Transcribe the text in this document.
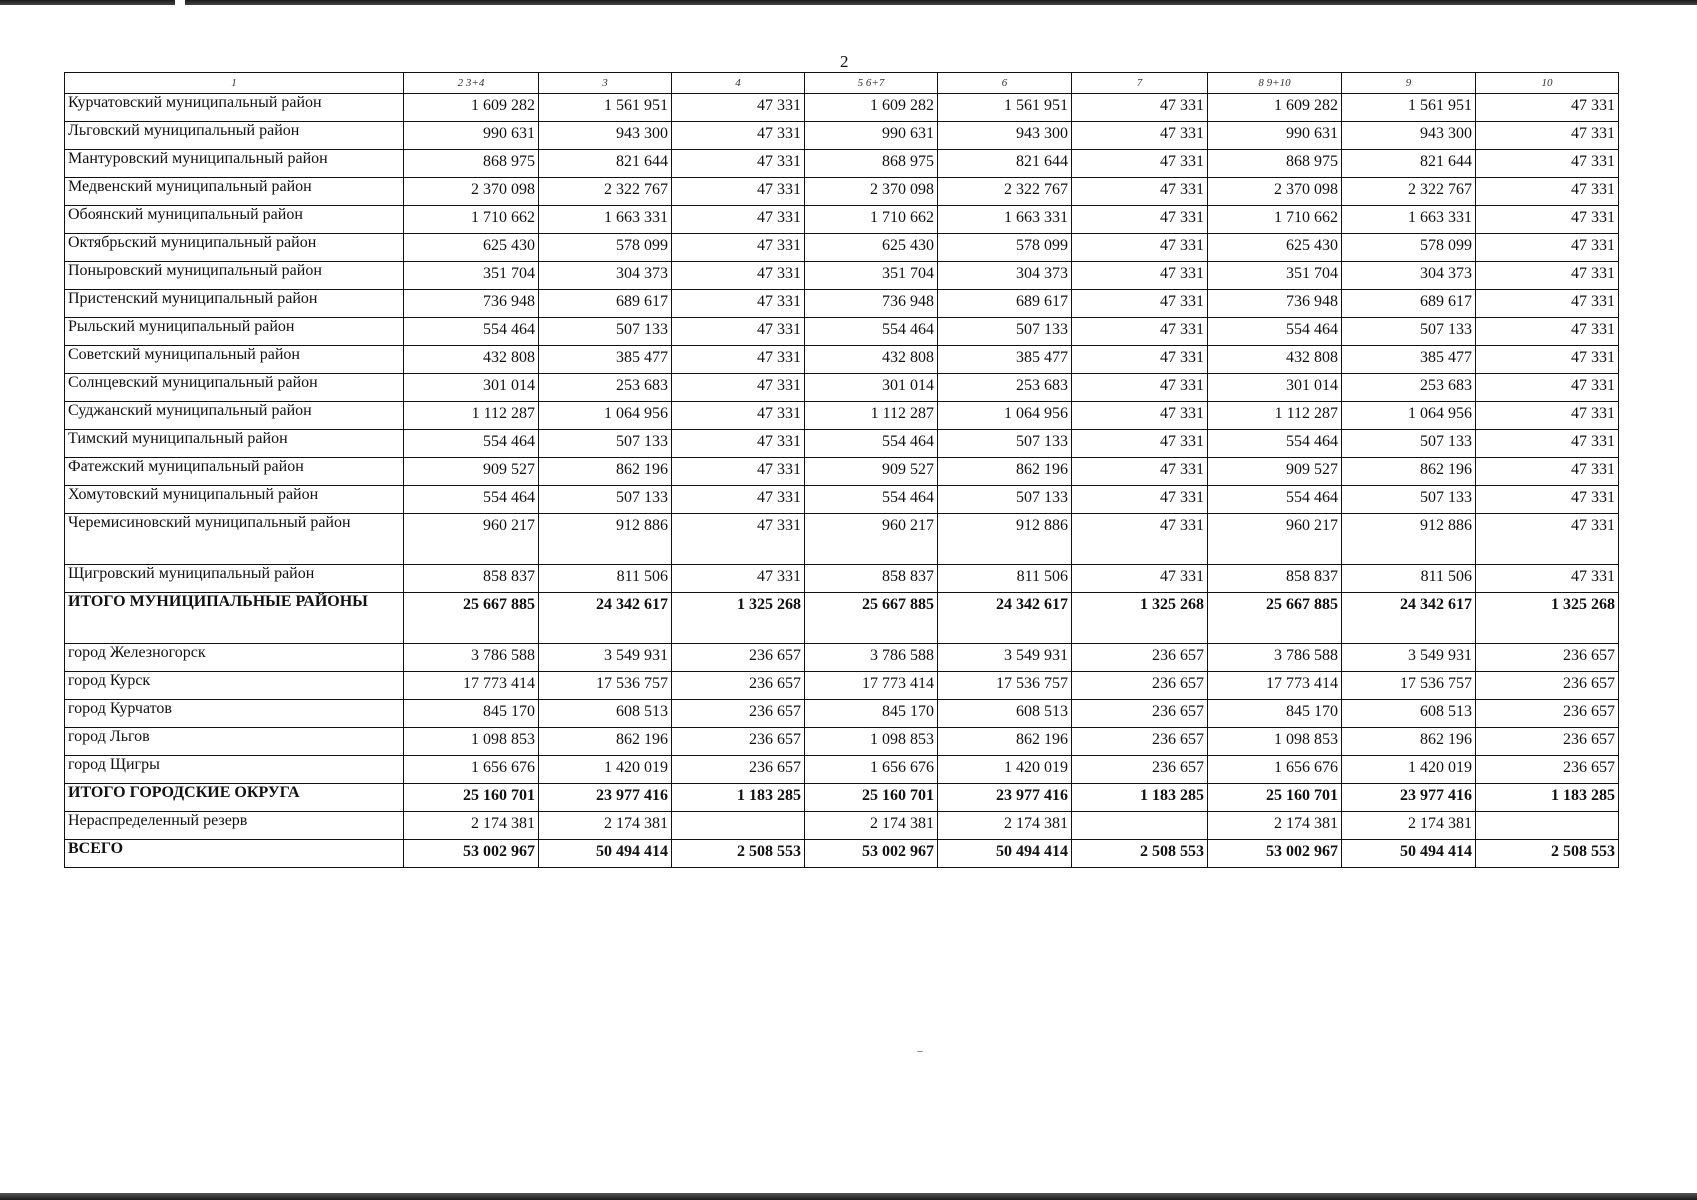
2
1	2 3+4	3	4	5 6+7	6	7	8 9+10	9	10
Курчатовский муниципальный район	1 609 282	1 561 951	47 331	1 609 282	1 561 951	47 331	1 609 282	1 561 951	47 331
Льговский муниципальный район	990 631	943 300	47 331	990 631	943 300	47 331	990 631	943 300	47 331
Мантуровский муниципальный район	868 975	821 644	47 331	868 975	821 644	47 331	868 975	821 644	47 331
Медвенский муниципальный район	2 370 098	2 322 767	47 331	2 370 098	2 322 767	47 331	2 370 098	2 322 767	47 331
Обоянский муниципальный район	1 710 662	1 663 331	47 331	1 710 662	1 663 331	47 331	1 710 662	1 663 331	47 331
Октябрьский муниципальный район	625 430	578 099	47 331	625 430	578 099	47 331	625 430	578 099	47 331
Поныровский муниципальный район	351 704	304 373	47 331	351 704	304 373	47 331	351 704	304 373	47 331
Пристенский муниципальный район	736 948	689 617	47 331	736 948	689 617	47 331	736 948	689 617	47 331
Рыльский муниципальный район	554 464	507 133	47 331	554 464	507 133	47 331	554 464	507 133	47 331
Советский муниципальный район	432 808	385 477	47 331	432 808	385 477	47 331	432 808	385 477	47 331
Солнцевский муниципальный район	301 014	253 683	47 331	301 014	253 683	47 331	301 014	253 683	47 331
Суджанский муниципальный район	1 112 287	1 064 956	47 331	1 112 287	1 064 956	47 331	1 112 287	1 064 956	47 331
Тимский муниципальный район	554 464	507 133	47 331	554 464	507 133	47 331	554 464	507 133	47 331
Фатежский муниципальный район	909 527	862 196	47 331	909 527	862 196	47 331	909 527	862 196	47 331
Хомутовский муниципальный район	554 464	507 133	47 331	554 464	507 133	47 331	554 464	507 133	47 331
Черемисиновский муниципальный район	960 217	912 886	47 331	960 217	912 886	47 331	960 217	912 886	47 331
Щигровский муниципальный район	858 837	811 506	47 331	858 837	811 506	47 331	858 837	811 506	47 331
ИТОГО МУНИЦИПАЛЬНЫЕ РАЙОНЫ	25 667 885	24 342 617	1 325 268	25 667 885	24 342 617	1 325 268	25 667 885	24 342 617	1 325 268
город Железногорск	3 786 588	3 549 931	236 657	3 786 588	3 549 931	236 657	3 786 588	3 549 931	236 657
город Курск	17 773 414	17 536 757	236 657	17 773 414	17 536 757	236 657	17 773 414	17 536 757	236 657
город Курчатов	845 170	608 513	236 657	845 170	608 513	236 657	845 170	608 513	236 657
город Льгов	1 098 853	862 196	236 657	1 098 853	862 196	236 657	1 098 853	862 196	236 657
город Щигры	1 656 676	1 420 019	236 657	1 656 676	1 420 019	236 657	1 656 676	1 420 019	236 657
ИТОГО ГОРОДСКИЕ ОКРУГА	25 160 701	23 977 416	1 183 285	25 160 701	23 977 416	1 183 285	25 160 701	23 977 416	1 183 285
Нераспределенный резерв	2 174 381	2 174 381		2 174 381	2 174 381		2 174 381	2 174 381	
ВСЕГО	53 002 967	50 494 414	2 508 553	53 002 967	50 494 414	2 508 553	53 002 967	50 494 414	2 508 553
